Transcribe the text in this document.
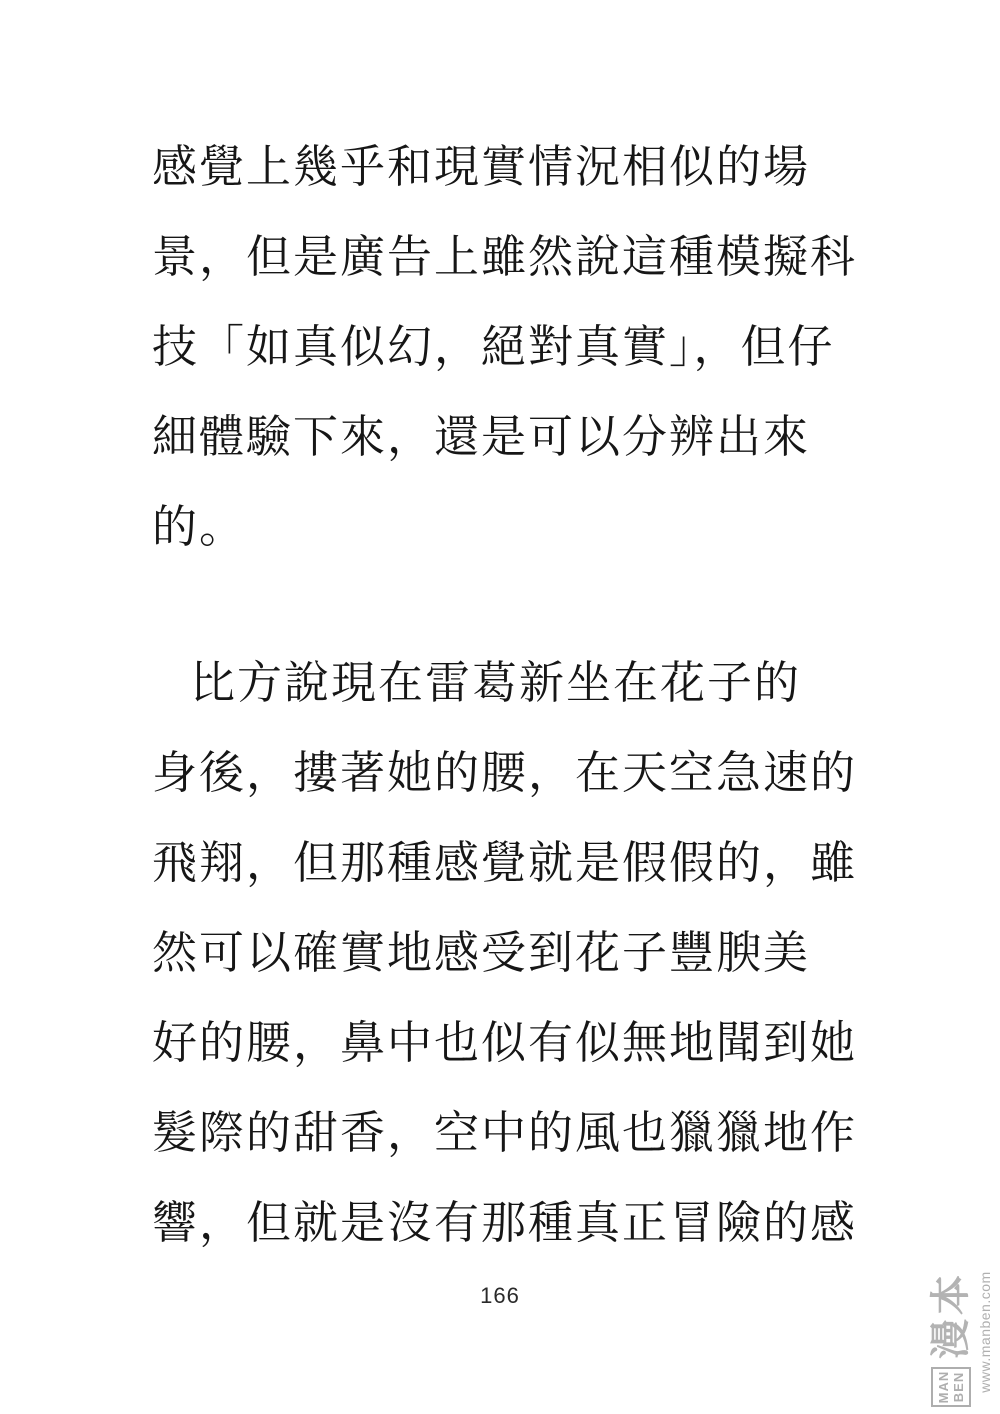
感覺上幾乎和現實情況相似的場
景，但是廣告上雖然說這種模擬科
技「如真似幻，絕對真實」，但仔
細體驗下來，還是可以分辨出來
的。
比方說現在雷葛新坐在花子的
身後，摟著她的腰，在天空急速的
飛翔，但那種感覺就是假假的，雖
然可以確實地感受到花子豐腴美
好的腰，鼻中也似有似無地聞到她
髮際的甜香，空中的風也獵獵地作
響，但就是沒有那種真正冒險的感
166
MAN BEN
漫本 www.manben.com
